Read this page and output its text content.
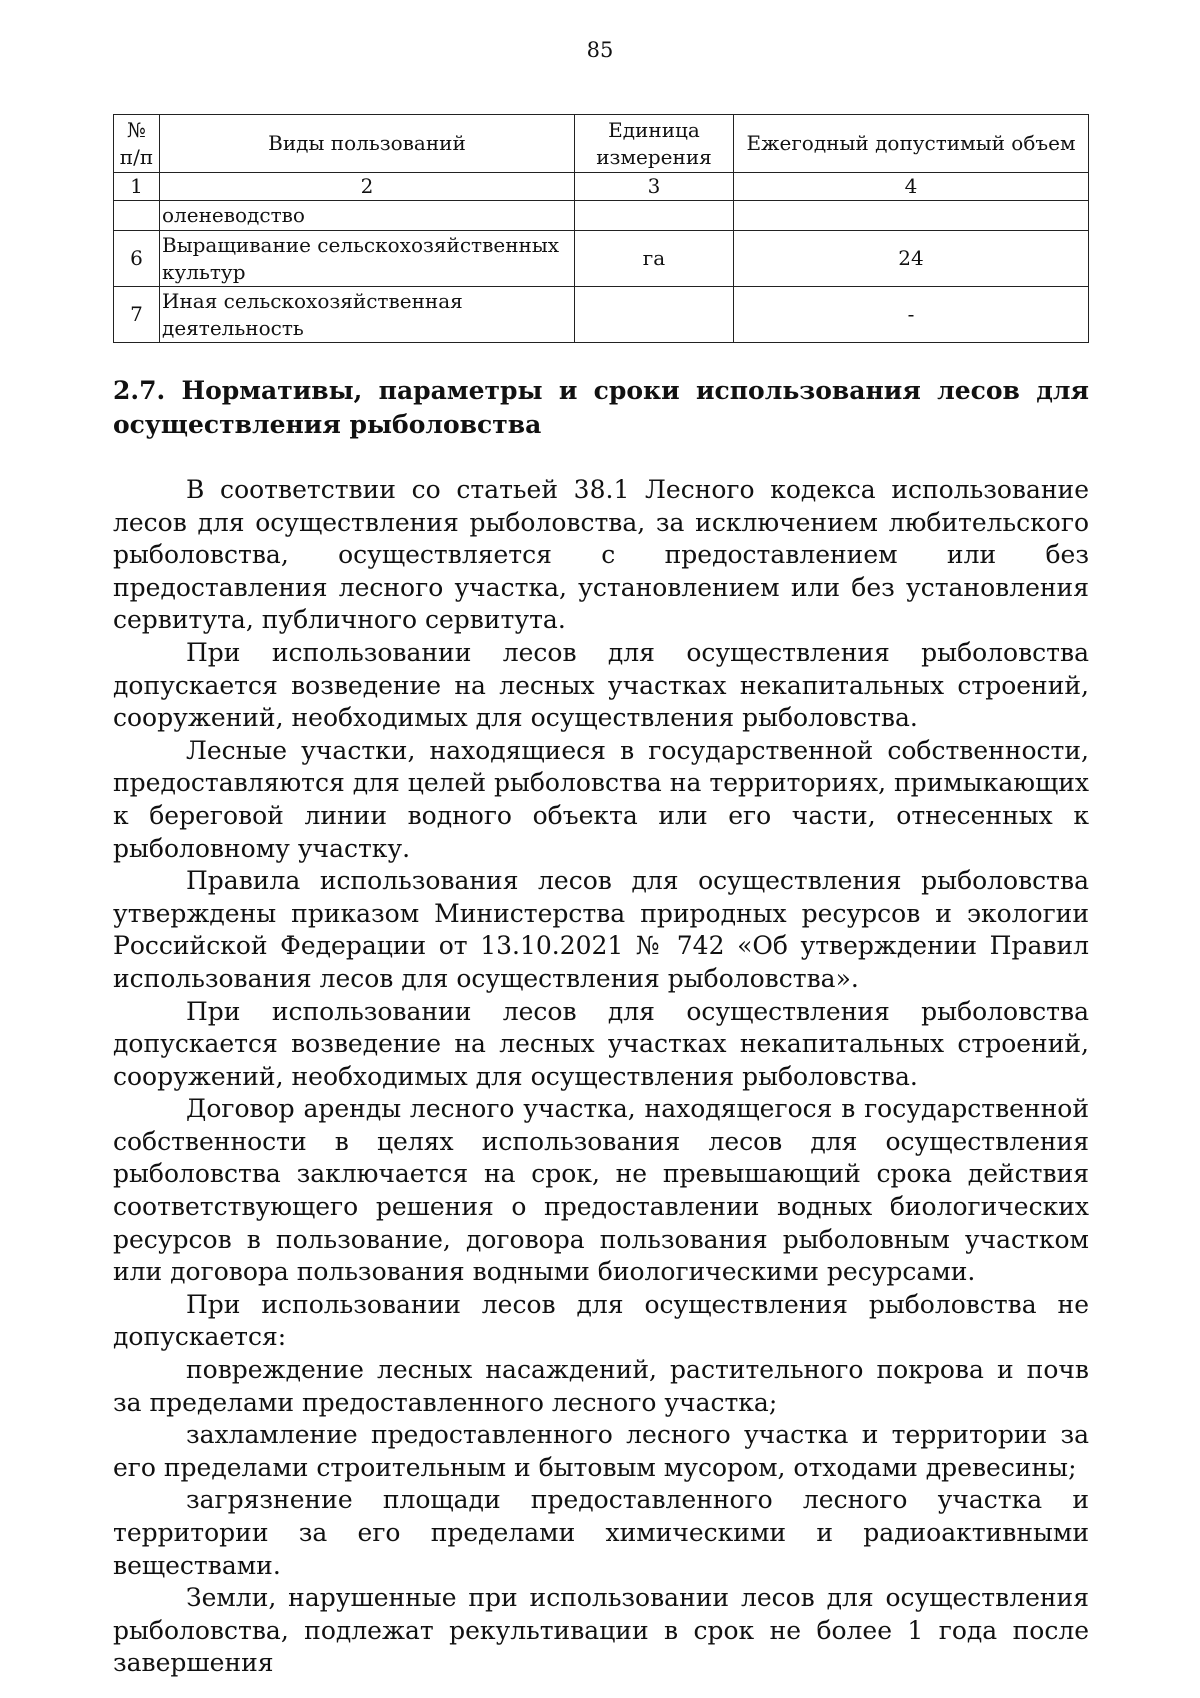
85
№ п/п	Виды пользований	Единица измерения	Ежегодный допустимый объем
1	2	3	4
	оленеводство		
6	Выращивание сельскохозяйственных культур	га	24
7	Иная сельскохозяйственная деятельность		-
2.7. Нормативы, параметры и сроки использования лесов для осуществления рыболовства

В соответствии со статьей 38.1 Лесного кодекса использование лесов для осуществления рыболовства, за исключением любительского рыболовства, осуществляется с предоставлением или без предоставления лесного участка, установлением или без установления сервитута, публичного сервитута.

При использовании лесов для осуществления рыболовства допускается возведение на лесных участках некапитальных строений, сооружений, необходимых для осуществления рыболовства.

Лесные участки, находящиеся в государственной собственности, предоставляются для целей рыболовства на территориях, примыкающих к береговой линии водного объекта или его части, отнесенных к рыболовному участку.

Правила использования лесов для осуществления рыболовства утверждены приказом Министерства природных ресурсов и экологии Российской Федерации от 13.10.2021 № 742 «Об утверждении Правил использования лесов для осуществления рыболовства».

При использовании лесов для осуществления рыболовства допускается возведение на лесных участках некапитальных строений, сооружений, необходимых для осуществления рыболовства.

Договор аренды лесного участка, находящегося в государственной собственности в целях использования лесов для осуществления рыболовства заключается на срок, не превышающий срока действия соответствующего решения о предоставлении водных биологических ресурсов в пользование, договора пользования рыболовным участком или договора пользования водными биологическими ресурсами.

При использовании лесов для осуществления рыболовства не допускается:

повреждение лесных насаждений, растительного покрова и почв за пределами предоставленного лесного участка;

захламление предоставленного лесного участка и территории за его пределами строительным и бытовым мусором, отходами древесины;

загрязнение площади предоставленного лесного участка и территории за его пределами химическими и радиоактивными веществами.

Земли, нарушенные при использовании лесов для осуществления рыболовства, подлежат рекультивации в срок не более 1 года после завершения
